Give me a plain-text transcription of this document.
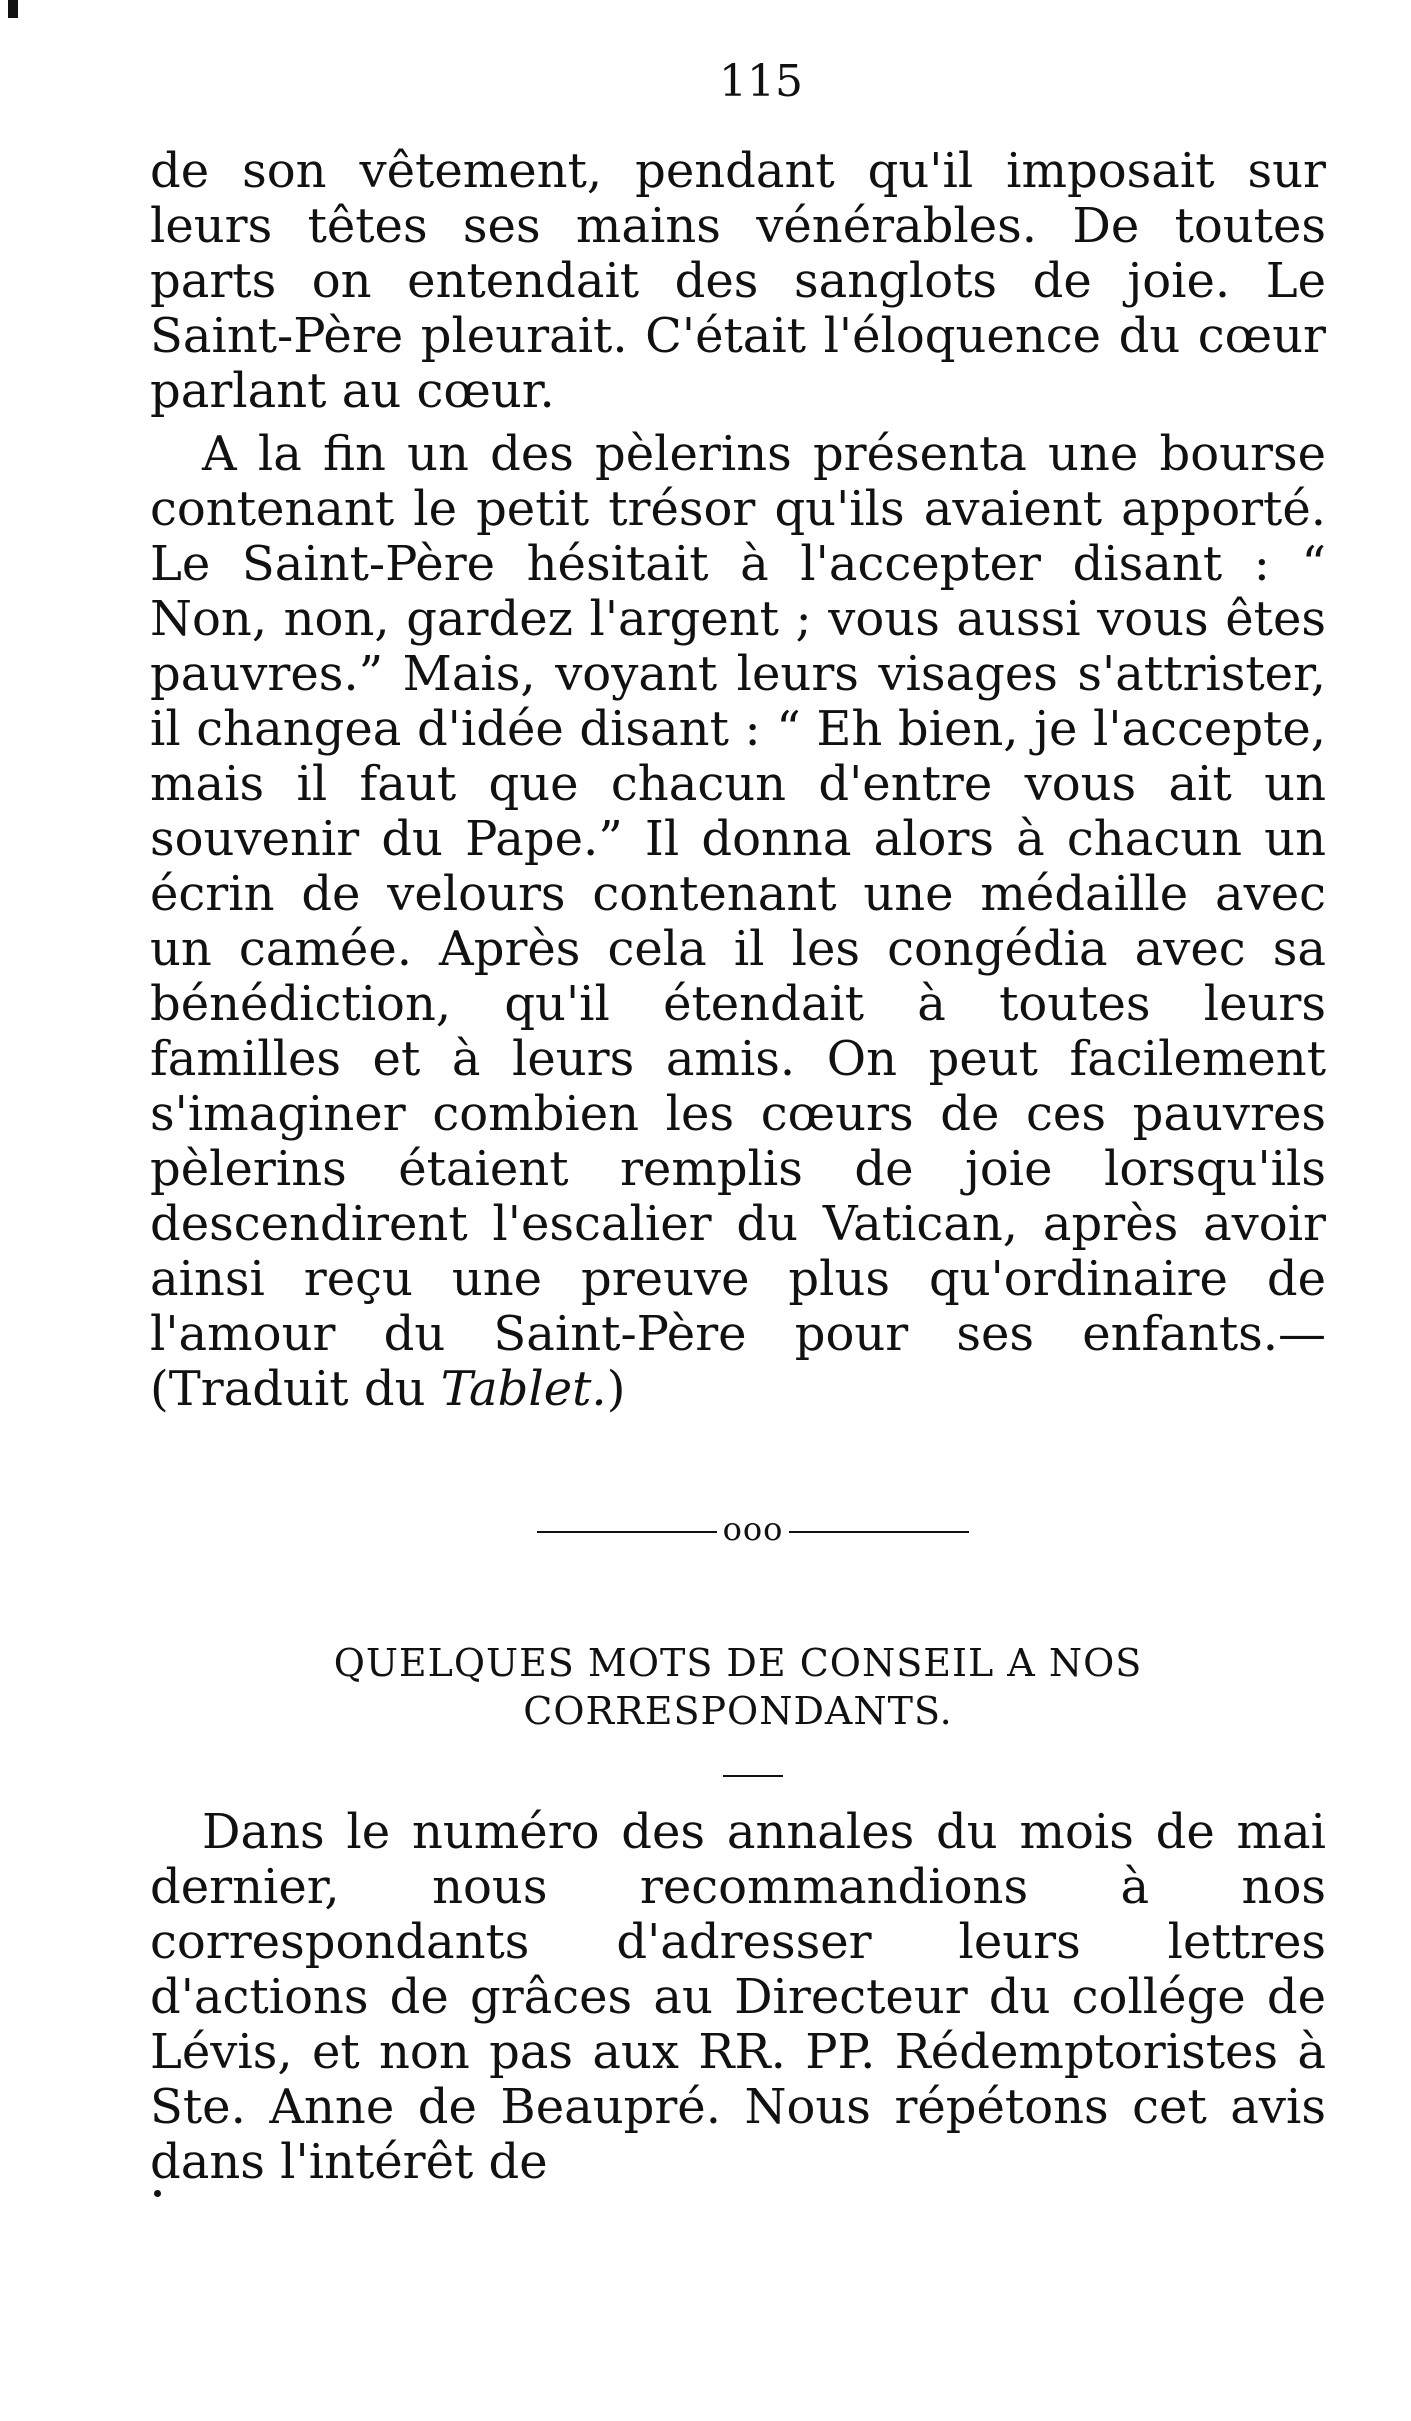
115

de son vêtement, pendant qu'il imposait sur leurs têtes ses mains vénérables. De toutes parts on entendait des sanglots de joie. Le Saint-Père pleurait. C'était l'éloquence du cœur parlant au cœur.

A la fin un des pèlerins présenta une bourse contenant le petit trésor qu'ils avaient apporté. Le Saint-Père hésitait à l'accepter disant : “ Non, non, gardez l'argent ; vous aussi vous êtes pauvres.” Mais, voyant leurs visages s'attrister, il changea d'idée disant : “ Eh bien, je l'accepte, mais il faut que chacun d'entre vous ait un souvenir du Pape.” Il donna alors à chacun un écrin de velours contenant une médaille avec un camée. Après cela il les congédia avec sa bénédiction, qu'il étendait à toutes leurs familles et à leurs amis. On peut facilement s'imaginer combien les cœurs de ces pauvres pèlerins étaient remplis de joie lorsqu'ils descendirent l'escalier du Vatican, après avoir ainsi reçu une preuve plus qu'ordinaire de l'amour du Saint-Père pour ses enfants.—(Traduit du Tablet.)

ooo
QUELQUES MOTS DE CONSEIL A NOS CORRESPONDANTS.

Dans le numéro des annales du mois de mai dernier, nous recommandions à nos correspondants d'adresser leurs lettres d'actions de grâces au Directeur du collége de Lévis, et non pas aux RR. PP. Rédemptoristes à Ste. Anne de Beaupré. Nous répétons cet avis dans l'intérêt de
